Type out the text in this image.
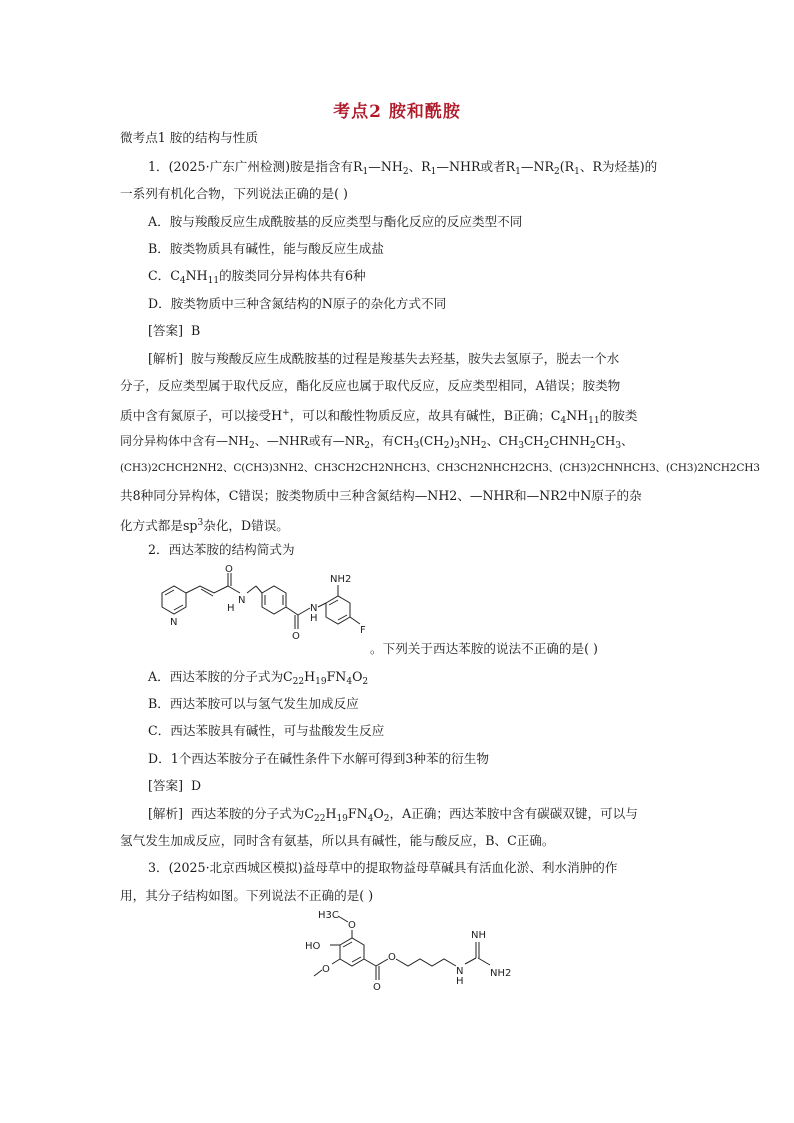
考点2 胺和酰胺
微考点1 胺的结构与性质
1．(2025·广东广州检测)胺是指含有$R_1—NH_2$、$R_1—NHR$或者$R_1—NR_2(R_1$、R为烃基)的
一系列有机化合物，下列说法正确的是( )
A．胺与羧酸反应生成酰胺基的反应类型与酯化反应的反应类型不同
B．胺类物质具有碱性，能与酸反应生成盐
C．$C_4NH_{11}$的胺类同分异构体共有6种
D．胺类物质中三种含氮结构的N原子的杂化方式不同
[答案] B
[解析] 胺与羧酸反应生成酰胺基的过程是羧基失去羟基，胺失去氢原子，脱去一个水
分子，反应类型属于取代反应，酯化反应也属于取代反应，反应类型相同，A错误；胺类物
质中含有氮原子，可以接受H+，可以和酸性物质反应，故具有碱性，B正确；$C_4NH_{11}$的胺类
同分异构体中含有$—NH_2$、—NHR或有$—NR_2$，有$CH_3(CH_2)_3NH_2$、$CH_3CH_2CHNH_2CH_3$、
(CH3)2CHCH2NH2、C(CH3)3NH2、CH3CH2CH2NHCH3、CH3CH2NHCH2CH3、(CH3)2CHNHCH3、(CH3)2NCH2CH3
共8种同分异构体，C错误；胺类物质中三种含氮结构—NH2、—NHR和—NR2中N原子的杂
化方式都是$sp^3$杂化，D错误。
2．西达苯胺的结构简式为
N
O
N
H
O
N
H
NH2
F
。下列关于西达苯胺的说法不正确的是( )
A．西达苯胺的分子式为$C_{22}H_{19}FN_4O_2$
B．西达苯胺可以与氢气发生加成反应
C．西达苯胺具有碱性，可与盐酸发生反应
D．1个西达苯胺分子在碱性条件下水解可得到3种苯的衍生物
[答案] D
[解析] 西达苯胺的分子式为$C_{22}H_{19}FN_4O_2$，A正确；西达苯胺中含有碳碳双键，可以与
氢气发生加成反应，同时含有氨基，所以具有碱性，能与酸反应，B、C正确。
3．(2025·北京西城区模拟)益母草中的提取物益母草碱具有活血化淤、利水消肿的作
用，其分子结构如图。下列说法不正确的是( )
H3C
O
HO
O
O
O
N
H
NH
NH2
